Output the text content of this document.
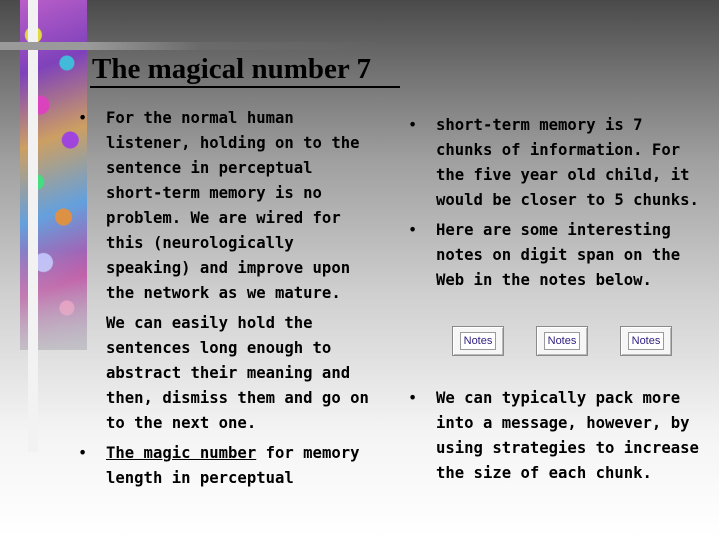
The magical number 7
• For the normal human listener, holding on to the sentence in perceptual short-term memory is no problem. We are wired for this (neurologically speaking) and improve upon the network as we mature.
We can easily hold the sentences long enough to abstract their meaning and then, dismiss them and go on to the next one.
• The magic number for memory length in perceptual
• short-term memory is 7 chunks of information. For the five year old child, it would be closer to 5 chunks.
• Here are some interesting notes on digit span on the Web in the notes below.
• We can typically pack more into a message, however, by using strategies to increase the size of each chunk.
Notes	Notes	Notes
